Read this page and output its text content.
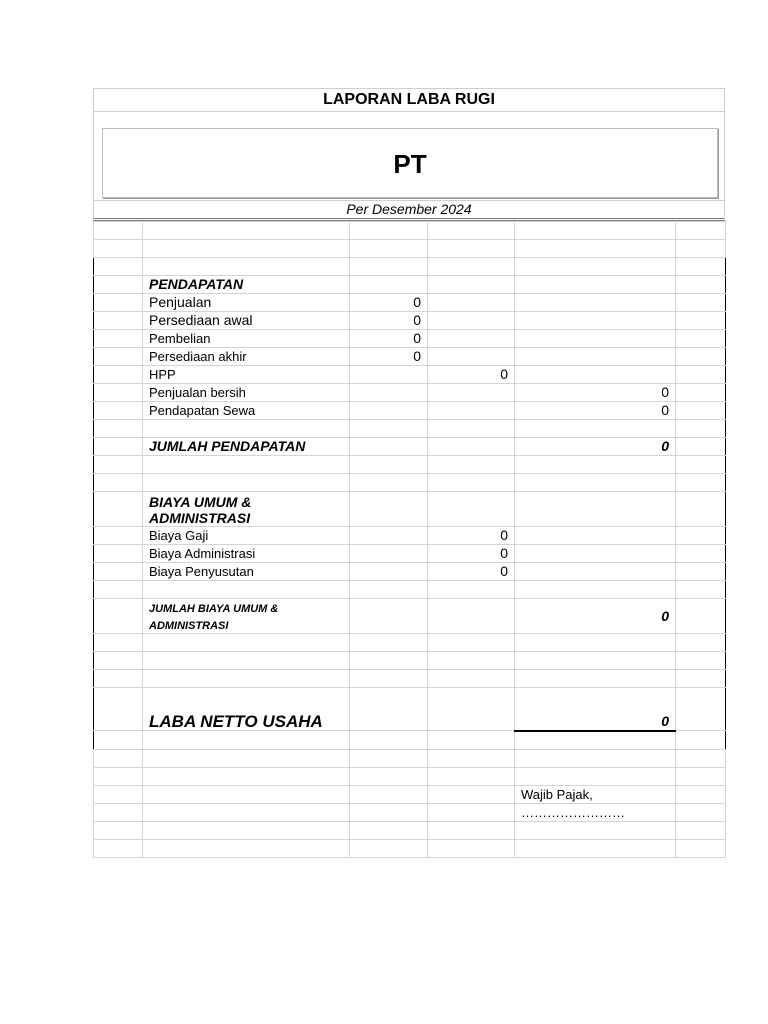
LAPORAN LABA RUGI
PT
Per Desember 2024

	PENDAPATAN				
	Penjualan	0			
	Persediaan awal	0			
	Pembelian	0			
	Persediaan akhir	0			
	HPP		0		
	Penjualan bersih			0	
	Pendapatan Sewa			0	

	JUMLAH PENDAPATAN			0	

	BIAYA UMUM & ADMINISTRASI				
	Biaya Gaji		0		
	Biaya Administrasi		0		
	Biaya Penyusutan		0		

	JUMLAH BIAYA UMUM & ADMINISTRASI			0	

	LABA NETTO USAHA			0	

				Wajib Pajak,	
				……………………	
